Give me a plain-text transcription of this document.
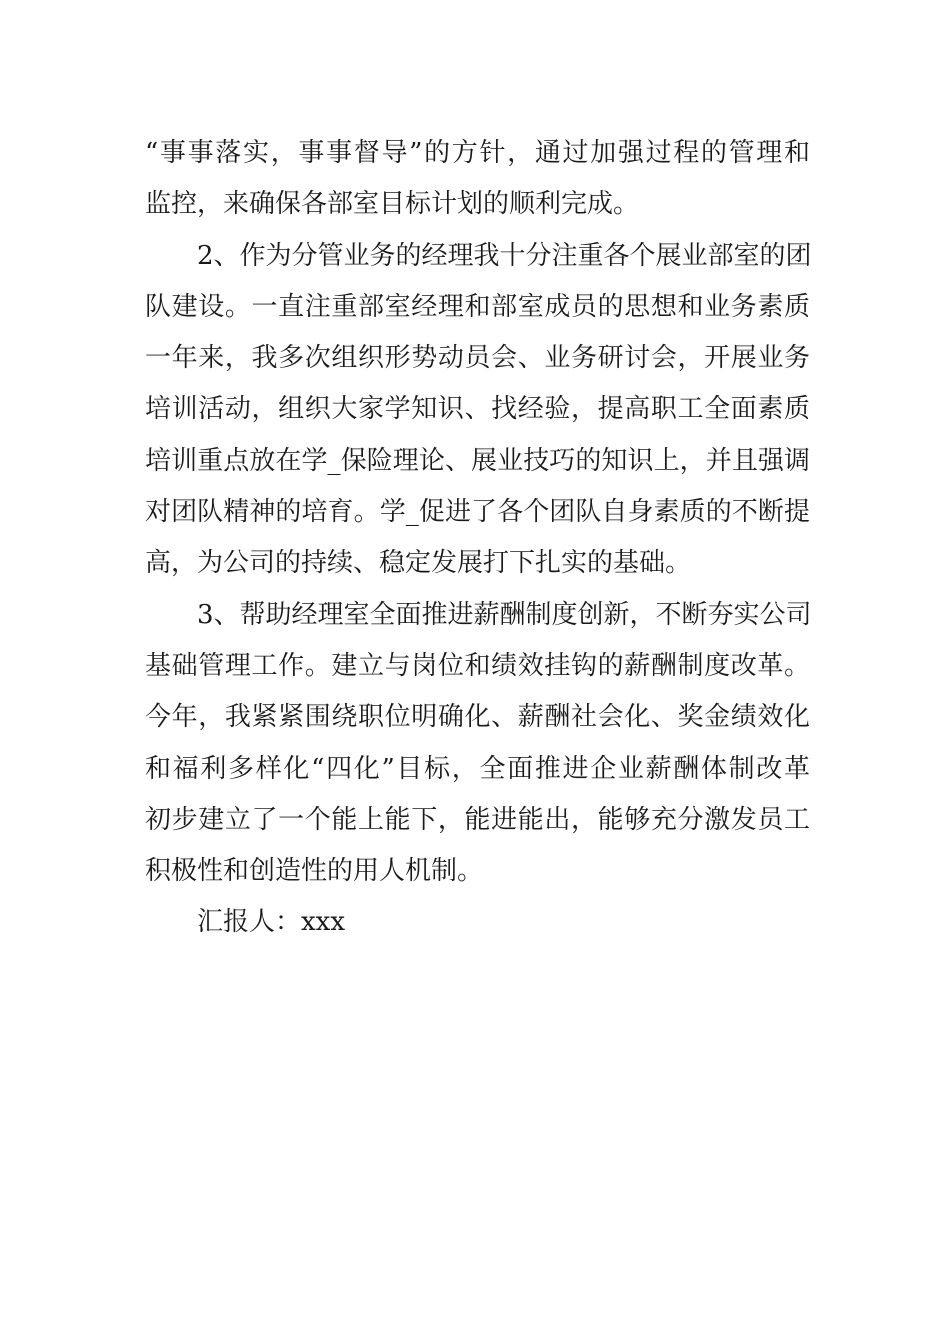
“事事落实，事事督导”的方针，通过加强过程的管理和
监控，来确保各部室目标计划的顺利完成。
2、作为分管业务的经理我十分注重各个展业部室的团
队建设。一直注重部室经理和部室成员的思想和业务素质
一年来，我多次组织形势动员会、业务研讨会，开展业务
培训活动，组织大家学知识、找经验，提高职工全面素质
培训重点放在学_保险理论、展业技巧的知识上，并且强调
对团队精神的培育。学_促进了各个团队自身素质的不断提
高，为公司的持续、稳定发展打下扎实的基础。
3、帮助经理室全面推进薪酬制度创新，不断夯实公司
基础管理工作。建立与岗位和绩效挂钩的薪酬制度改革。
今年，我紧紧围绕职位明确化、薪酬社会化、奖金绩效化
和福利多样化“四化”目标，全面推进企业薪酬体制改革
初步建立了一个能上能下，能进能出，能够充分激发员工
积极性和创造性的用人机制。
汇报人：xxx
